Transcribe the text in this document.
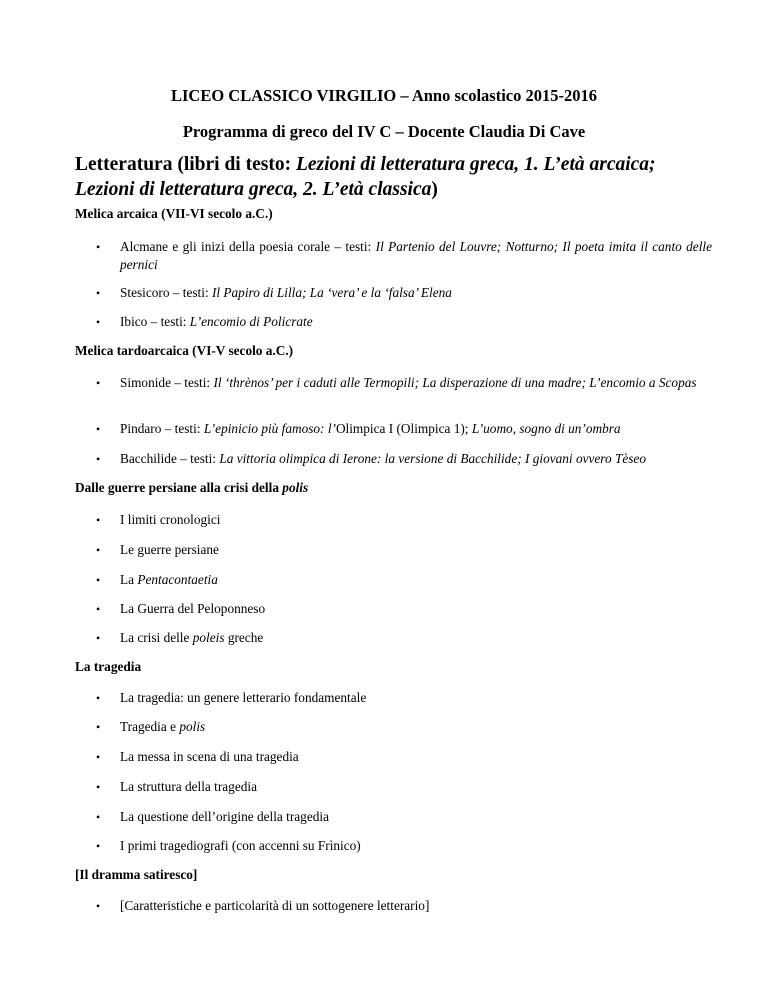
LICEO CLASSICO VIRGILIO – Anno scolastico 2015-2016
Programma di greco del IV C – Docente Claudia Di Cave
Letteratura (libri di testo: Lezioni di letteratura greca, 1. L’età arcaica; Lezioni di letteratura greca, 2. L’età classica)
Melica arcaica (VII-VI secolo a.C.)
• Alcmane e gli inizi della poesia corale – testi: Il Partenio del Louvre; Notturno; Il poeta imita il canto delle pernici
• Stesicoro – testi: Il Papiro di Lilla; La ‘vera’ e la ‘falsa’ Elena
• Ibico – testi: L’encomio di Policrate
Melica tardoarcaica (VI-V secolo a.C.)
• Simonide – testi: Il ‘thrènos’ per i caduti alle Termopili; La disperazione di una madre; L’encomio a Scopas
• Pindaro – testi: L’epinicio più famoso: l’Olimpica I (Olimpica 1); L’uomo, sogno di un’ombra
• Bacchilide – testi: La vittoria olimpica di Ierone: la versione di Bacchilide; I giovani ovvero Tèseo
Dalle guerre persiane alla crisi della polis
• I limiti cronologici
• Le guerre persiane
• La Pentacontaetia
• La Guerra del Peloponneso
• La crisi delle poleis greche
La tragedia
• La tragedia: un genere letterario fondamentale
• Tragedia e polis
• La messa in scena di una tragedia
• La struttura della tragedia
• La questione dell’origine della tragedia
• I primi tragediografi (con accenni su Frìnico)
[Il dramma satiresco]
• [Caratteristiche e particolarità di un sottogenere letterario]
